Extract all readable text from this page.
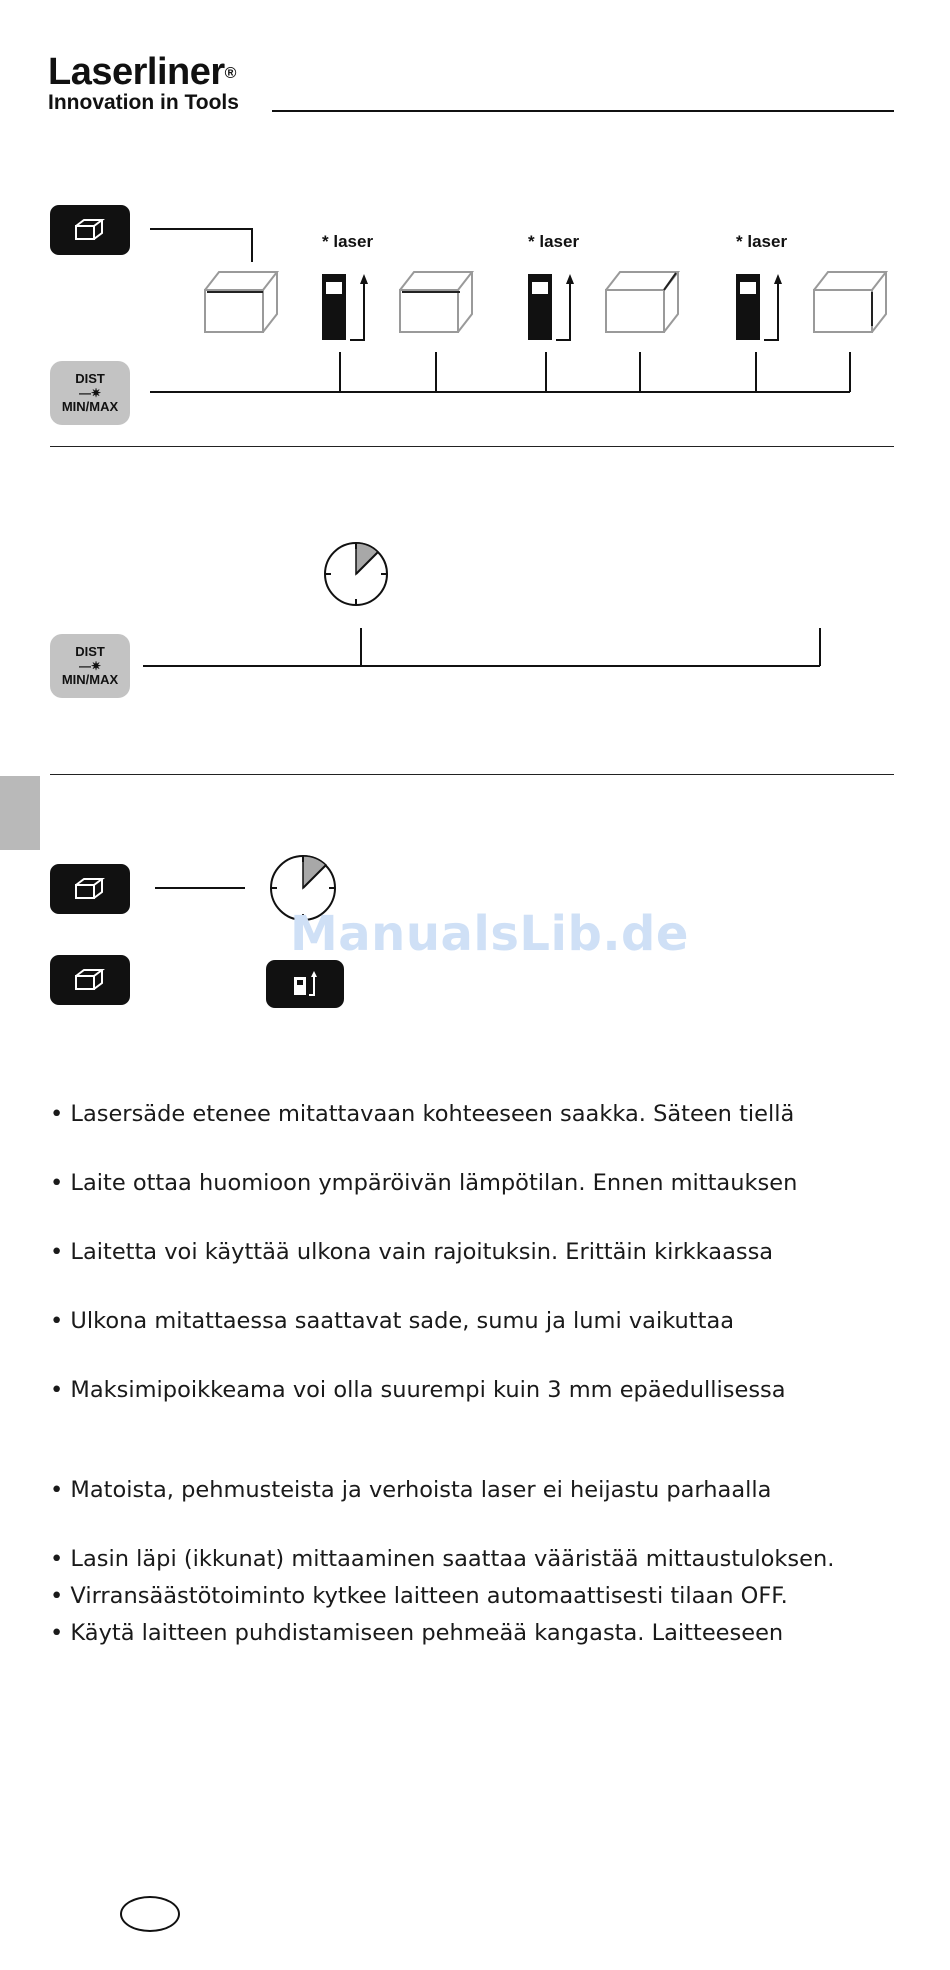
Laserliner®
Innovation in Tools
DIST
—✷
MIN/MAX
* laser	* laser	* laser
DIST
—✷
MIN/MAX
ManualsLib.de
• Lasersäde etenee mitattavaan kohteeseen saakka. Säteen tiellä
• Laite ottaa huomioon ympäröivän lämpötilan. Ennen mittauksen
• Laitetta voi käyttää ulkona vain rajoituksin. Erittäin kirkkaassa
• Ulkona mitattaessa saattavat sade, sumu ja lumi vaikuttaa
• Maksimipoikkeama voi olla suurempi kuin 3 mm epäedullisessa
• Matoista, pehmusteista ja verhoista laser ei heijastu parhaalla
• Lasin läpi (ikkunat) mittaaminen saattaa vääristää mittaustuloksen.
• Virransäästötoiminto kytkee laitteen automaattisesti tilaan OFF.
• Käytä laitteen puhdistamiseen pehmeää kangasta. Laitteeseen
